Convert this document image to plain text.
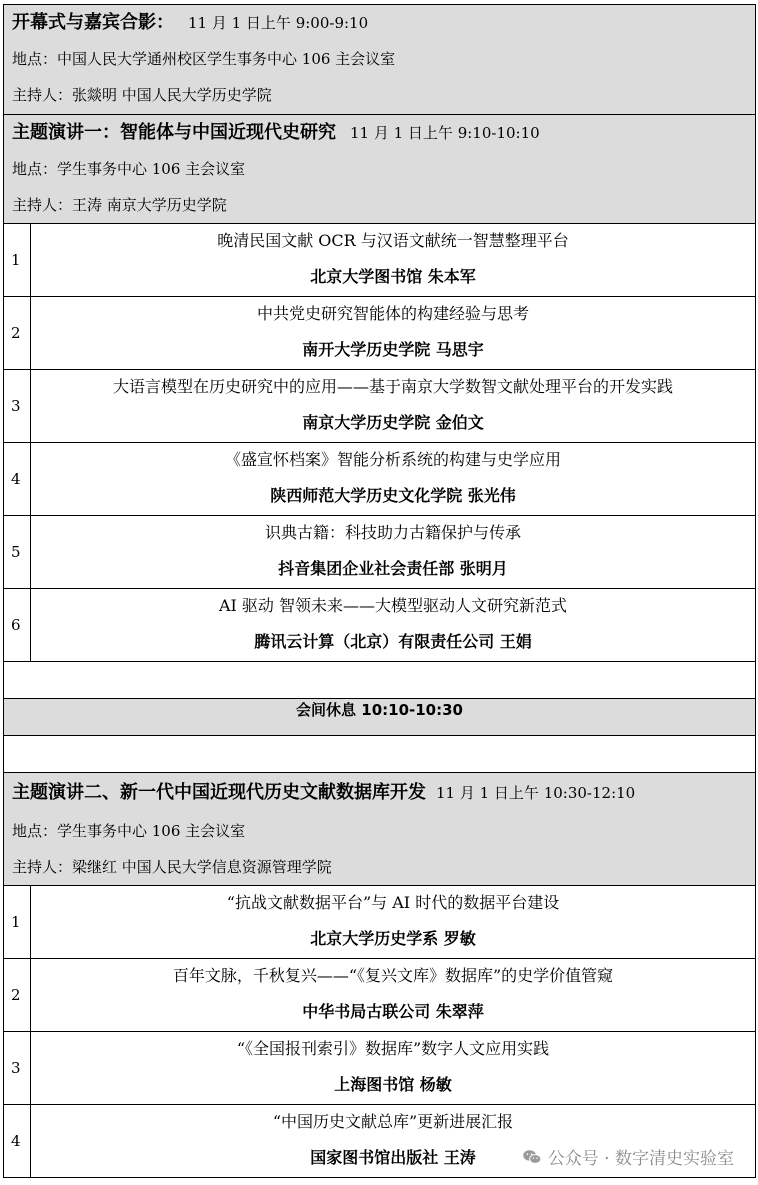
开幕式与嘉宾合影： 11 月 1 日上午 9:00-9:10
地点：中国人民大学通州校区学生事务中心 106 主会议室
主持人：张燚明 中国人民大学历史学院	

主题演讲一：智能体与中国近现代史研究 11 月 1 日上午 9:10-10:10
地点：学生事务中心 106 主会议室
主持人：王涛 南京大学历史学院	

1	晚清民国文献 OCR 与汉语文献统一智慧整理平台
北京大学图书馆 朱本军

2	中共党史研究智能体的构建经验与思考
南开大学历史学院 马思宇

3	大语言模型在历史研究中的应用——基于南京大学数智文献处理平台的开发实践
南京大学历史学院 金伯文

4	《盛宣怀档案》智能分析系统的构建与史学应用
陕西师范大学历史文化学院 张光伟

5	识典古籍：科技助力古籍保护与传承
抖音集团企业社会责任部 张明月

6	AI 驱动 智领未来——大模型驱动人文研究新范式
腾讯云计算（北京）有限责任公司 王娟

会间休息 10:10-10:30	

主题演讲二、新一代中国近现代历史文献数据库开发 11 月 1 日上午 10:30-12:10
地点：学生事务中心 106 主会议室
主持人：梁继红 中国人民大学信息资源管理学院	

1	“抗战文献数据平台”与 AI 时代的数据平台建设
北京大学历史学系 罗敏

2	百年文脉，千秋复兴——“《复兴文库》数据库”的史学价值管窥
中华书局古联公司 朱翠萍

3	“《全国报刊索引》数据库”数字人文应用实践
上海图书馆 杨敏

4	“中国历史文献总库”更新进展汇报
国家图书馆出版社 王涛	公众号 · 数字清史实验室
